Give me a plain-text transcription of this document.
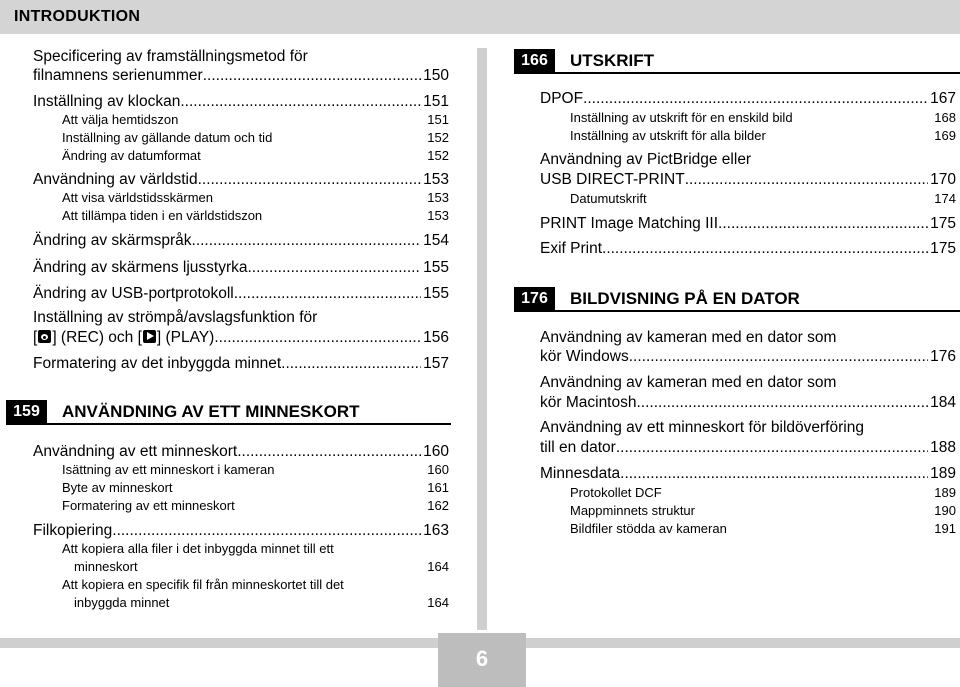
INTRODUKTION
Specificering av framställningsmetod för
filnamnens serienummer .....	150
Inställning av klockan .....	151
Att välja hemtidszon	151
Inställning av gällande datum och tid	152
Ändring av datumformat	152
Användning av världstid .....	153
Att visa världstidsskärmen	153
Att tillämpa tiden i en världstidszon	153
Ändring av skärmspråk .....	154
Ändring av skärmens ljusstyrka .....	155
Ändring av USB-portprotokoll .....	155
Inställning av strömpå/avslagsfunktion för
[ ] (REC) och [ ] (PLAY) .....	156
Formatering av det inbyggda minnet .....	157
159	ANVÄNDNING AV ETT MINNESKORT
Användning av ett minneskort .....	160
Isättning av ett minneskort i kameran	160
Byte av minneskort	161
Formatering av ett minneskort	162
Filkopiering .....	163
Att kopiera alla filer i det inbyggda minnet till ett
minneskort	164
Att kopiera en specifik fil från minneskortet till det
inbyggda minnet	164
166	UTSKRIFT
DPOF .....	167
Inställning av utskrift för en enskild bild	168
Inställning av utskrift för alla bilder	169
Användning av PictBridge eller
USB DIRECT-PRINT .....	170
Datumutskrift	174
PRINT Image Matching III .....	175
Exif Print .....	175
176	BILDVISNING PÅ EN DATOR
Användning av kameran med en dator som
kör Windows .....	176
Användning av kameran med en dator som
kör Macintosh .....	184
Användning av ett minneskort för bildöverföring
till en dator .....	188
Minnesdata .....	189
Protokollet DCF	189
Mappminnets struktur	190
Bildfiler stödda av kameran	191
6
